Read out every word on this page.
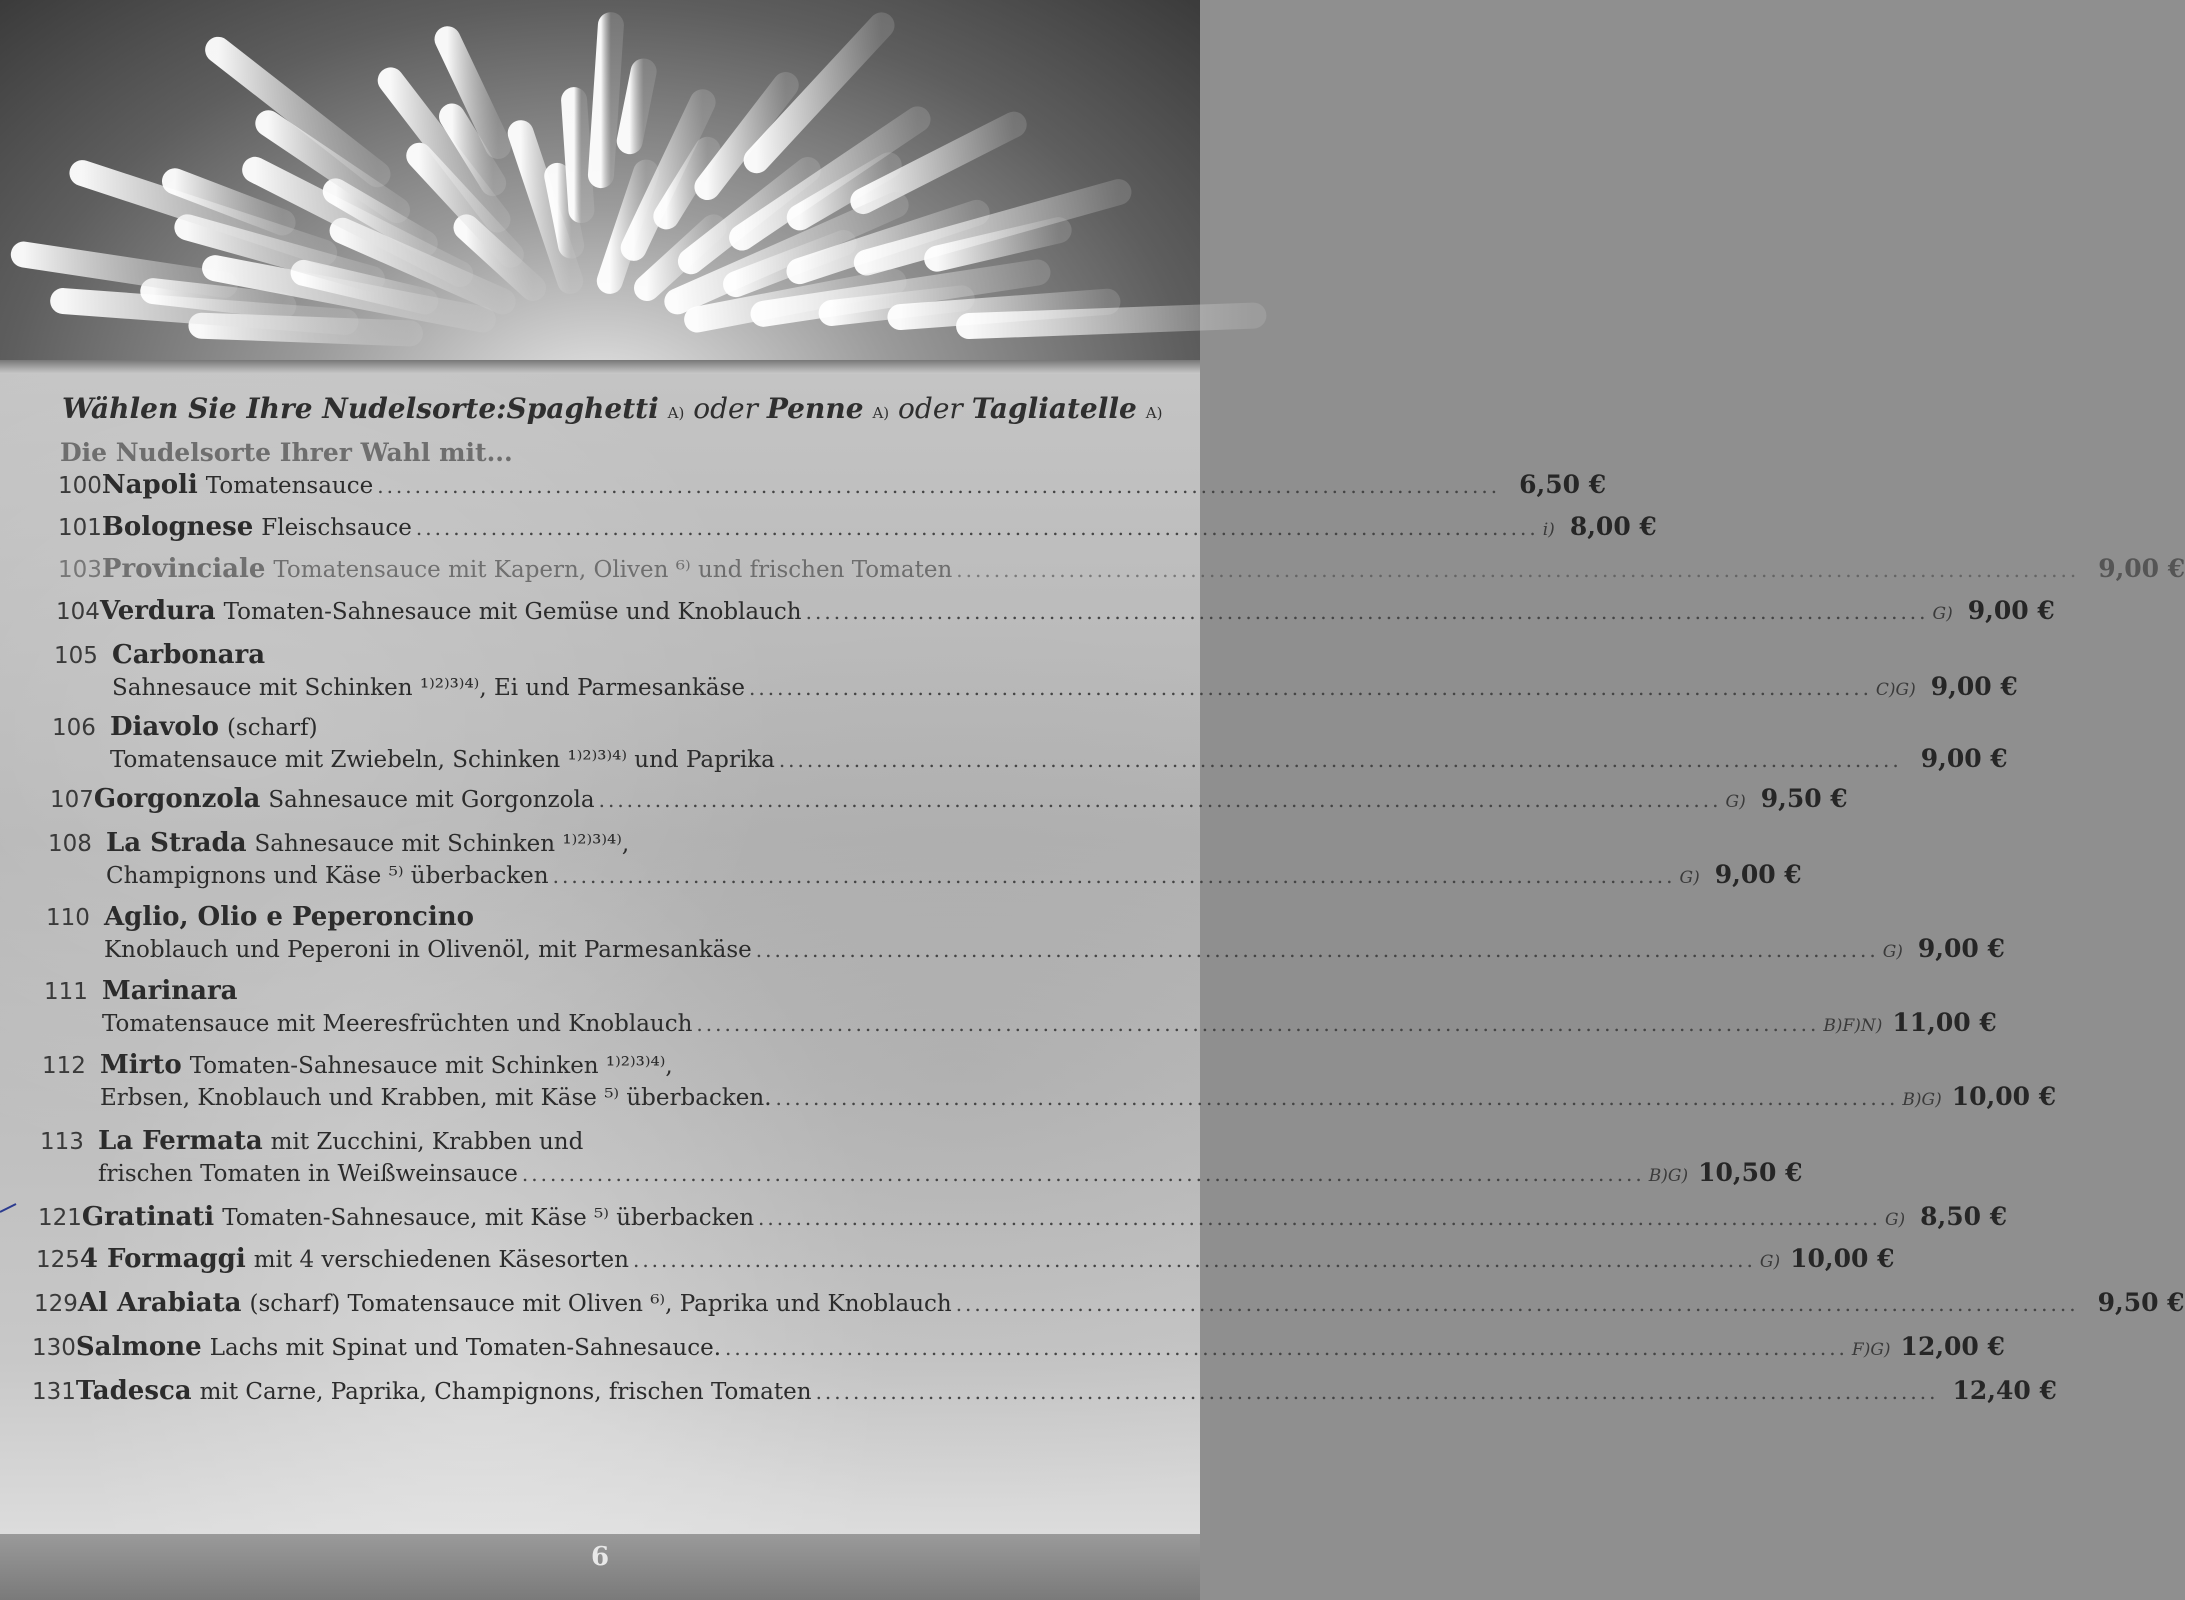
Wählen Sie Ihre Nudelsorte:Spaghetti A) oder Penne A) oder Tagliatelle A)
Die Nudelsorte Ihrer Wahl mit...
100 Napoli Tomatensauce ........................................................................................................................ 6,50 €
101 Bolognese Fleischsauce ........................................................................................................................ i) 8,00 €
103 Provinciale Tomatensauce mit Kapern, Oliven ⁶⁾ und frischen Tomaten ........................................................................................................................ 9,00 €
104 Verdura Tomaten-Sahnesauce mit Gemüse und Knoblauch ........................................................................................................................ G) 9,00 €
105 Carbonara
Sahnesauce mit Schinken ¹⁾²⁾³⁾⁴⁾, Ei und Parmesankäse ........................................................................................................................ C)G) 9,00 €
106 Diavolo (scharf)
Tomatensauce mit Zwiebeln, Schinken ¹⁾²⁾³⁾⁴⁾ und Paprika ........................................................................................................................ 9,00 €
107 Gorgonzola Sahnesauce mit Gorgonzola ........................................................................................................................ G) 9,50 €
108 La Strada Sahnesauce mit Schinken ¹⁾²⁾³⁾⁴⁾,
Champignons und Käse ⁵⁾ überbacken ........................................................................................................................ G) 9,00 €
110 Aglio, Olio e Peperoncino
Knoblauch und Peperoni in Olivenöl, mit Parmesankäse ........................................................................................................................ G) 9,00 €
111 Marinara
Tomatensauce mit Meeresfrüchten und Knoblauch ........................................................................................................................ B)F)N) 11,00 €
112 Mirto Tomaten-Sahnesauce mit Schinken ¹⁾²⁾³⁾⁴⁾,
Erbsen, Knoblauch und Krabben, mit Käse ⁵⁾ überbacken. ........................................................................................................................ B)G) 10,00 €
113 La Fermata mit Zucchini, Krabben und
frischen Tomaten in Weißweinsauce ........................................................................................................................ B)G) 10,50 €
121 Gratinati Tomaten-Sahnesauce, mit Käse ⁵⁾ überbacken ........................................................................................................................ G) 8,50 €
125 4 Formaggi mit 4 verschiedenen Käsesorten ........................................................................................................................ G) 10,00 €
129 Al Arabiata (scharf) Tomatensauce mit Oliven ⁶⁾, Paprika und Knoblauch ........................................................................................................................ 9,50 €
130 Salmone Lachs mit Spinat und Tomaten-Sahnesauce. ........................................................................................................................ F)G) 12,00 €
131 Tadesca mit Carne, Paprika, Champignons, frischen Tomaten ........................................................................................................................ 12,40 €
6
